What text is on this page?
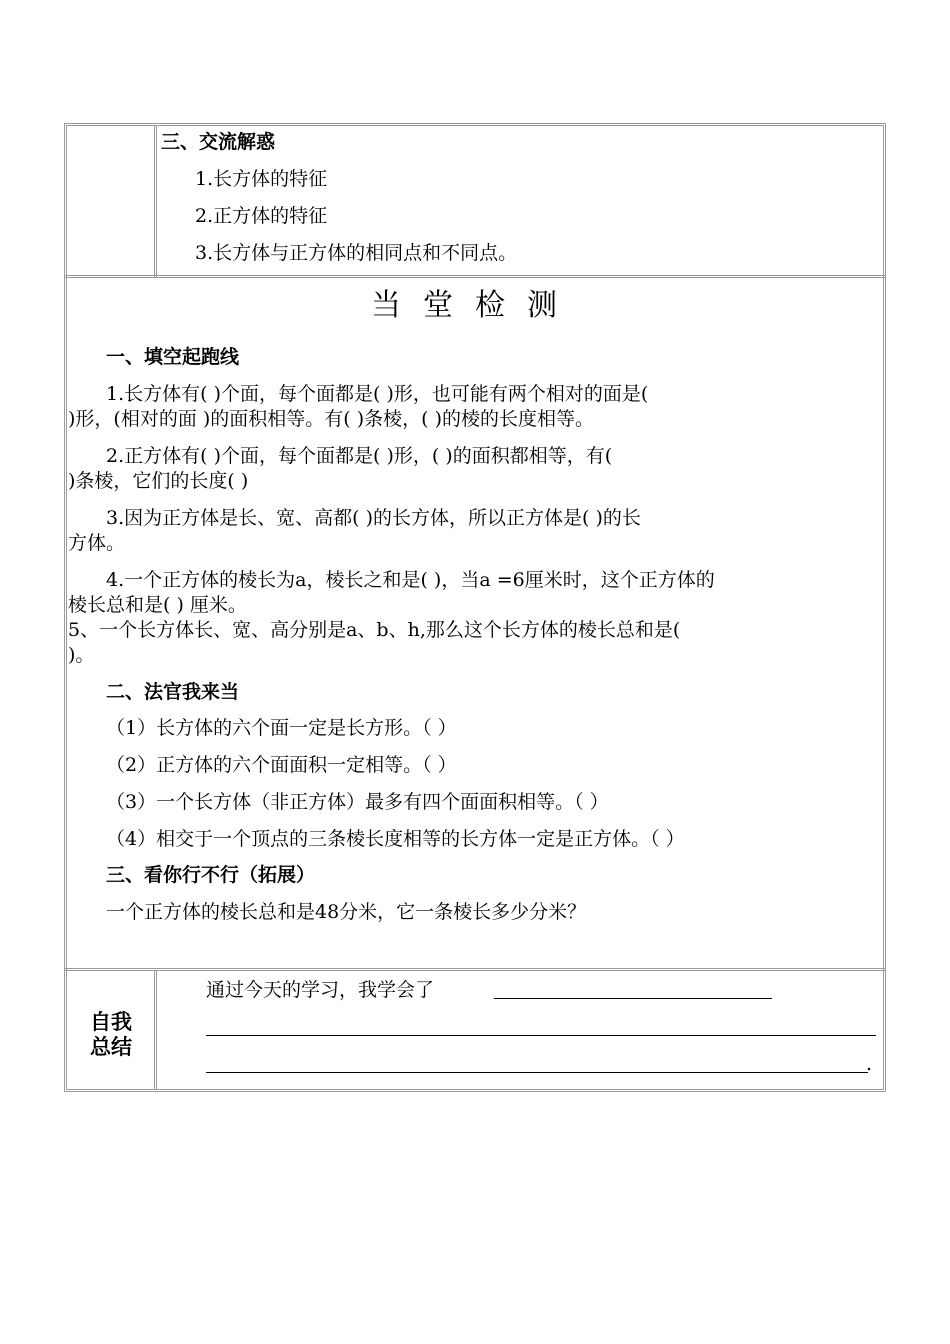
三、交流解惑
1.长方体的特征
2.正方体的特征
3.长方体与正方体的相同点和不同点。
当堂检测
一、填空起跑线
1.长方体有( )个面，每个面都是( )形，也可能有两个相对的面是(
)形，(相对的面 )的面积相等。有( )条棱，( )的棱的长度相等。
2.正方体有( )个面，每个面都是( )形，( )的面积都相等，有(
)条棱，它们的长度( )
3.因为正方体是长、宽、高都( )的长方体，所以正方体是( )的长
方体。
4.一个正方体的棱长为a，棱长之和是( )，当a =6厘米时，这个正方体的
棱长总和是( ) 厘米。
5、一个长方体长、宽、高分别是a、b、h,那么这个长方体的棱长总和是(
)。
二、法官我来当
（1）长方体的六个面一定是长方形。（ ）
（2）正方体的六个面面积一定相等。（ ）
（3）一个长方体（非正方体）最多有四个面面积相等。（ ）
（4）相交于一个顶点的三条棱长度相等的长方体一定是正方体。（ ）
三、看你行不行（拓展）
一个正方体的棱长总和是48分米，它一条棱长多少分米？
自我
总结
通过今天的学习，我学会了
.
